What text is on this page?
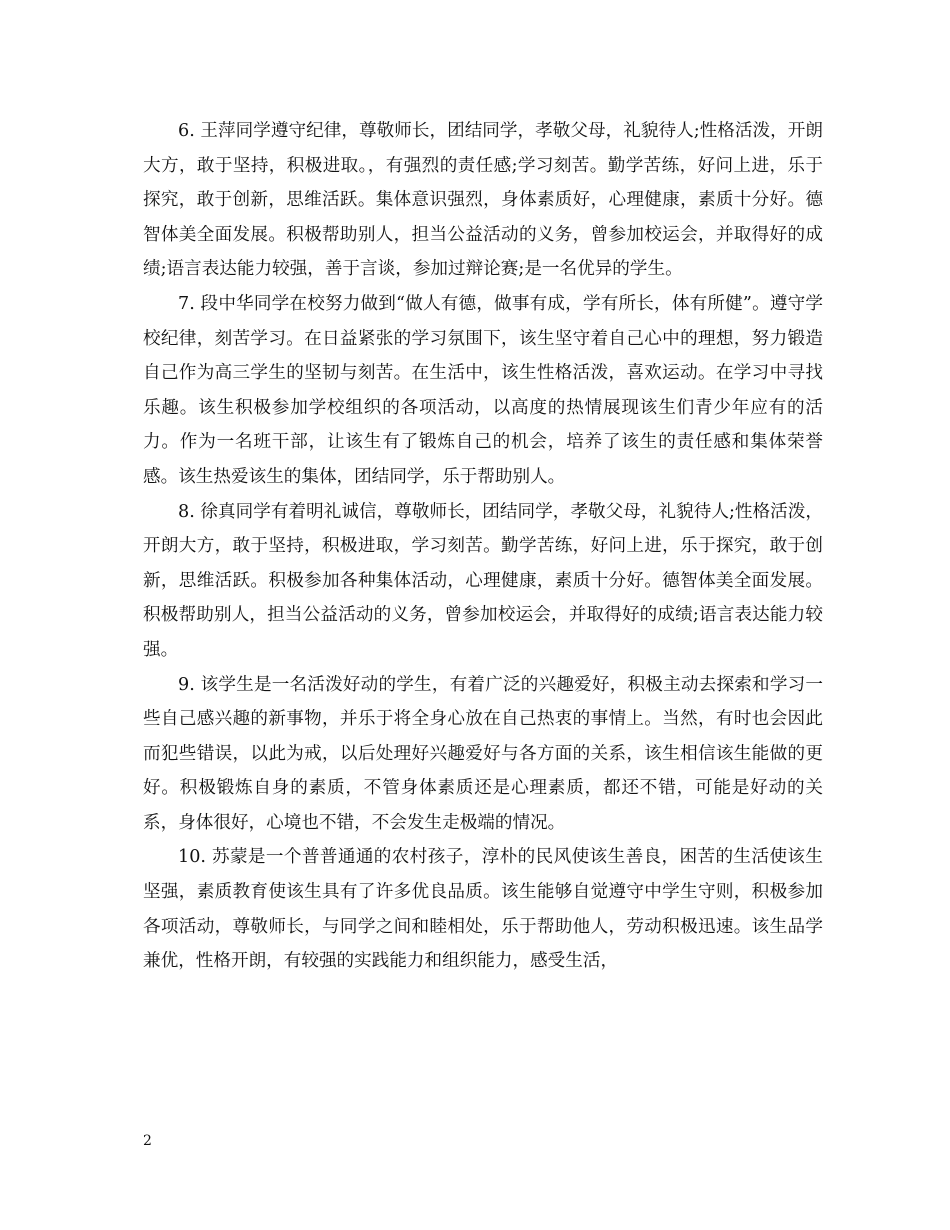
6. 王萍同学遵守纪律，尊敬师长，团结同学，孝敬父母，礼貌待人;性格活泼，开朗大方，敢于坚持，积极进取。，有强烈的责任感;学习刻苦。勤学苦练，好问上进，乐于探究，敢于创新，思维活跃。集体意识强烈，身体素质好，心理健康，素质十分好。德智体美全面发展。积极帮助别人，担当公益活动的义务，曾参加校运会，并取得好的成绩;语言表达能力较强，善于言谈，参加过辩论赛;是一名优异的学生。

7. 段中华同学在校努力做到“做人有德，做事有成，学有所长，体有所健”。遵守学校纪律，刻苦学习。在日益紧张的学习氛围下，该生坚守着自己心中的理想，努力锻造自己作为高三学生的坚韧与刻苦。在生活中，该生性格活泼，喜欢运动。在学习中寻找乐趣。该生积极参加学校组织的各项活动，以高度的热情展现该生们青少年应有的活力。作为一名班干部，让该生有了锻炼自己的机会，培养了该生的责任感和集体荣誉感。该生热爱该生的集体，团结同学，乐于帮助别人。

8. 徐真同学有着明礼诚信，尊敬师长，团结同学，孝敬父母，礼貌待人;性格活泼，开朗大方，敢于坚持，积极进取，学习刻苦。勤学苦练，好问上进，乐于探究，敢于创新，思维活跃。积极参加各种集体活动，心理健康，素质十分好。德智体美全面发展。积极帮助别人，担当公益活动的义务，曾参加校运会，并取得好的成绩;语言表达能力较强。

9. 该学生是一名活泼好动的学生，有着广泛的兴趣爱好，积极主动去探索和学习一些自己感兴趣的新事物，并乐于将全身心放在自己热衷的事情上。当然，有时也会因此而犯些错误，以此为戒，以后处理好兴趣爱好与各方面的关系，该生相信该生能做的更好。积极锻炼自身的素质，不管身体素质还是心理素质，都还不错，可能是好动的关系，身体很好，心境也不错，不会发生走极端的情况。

10. 苏蒙是一个普普通通的农村孩子，淳朴的民风使该生善良，困苦的生活使该生坚强，素质教育使该生具有了许多优良品质。该生能够自觉遵守中学生守则，积极参加各项活动，尊敬师长，与同学之间和睦相处，乐于帮助他人，劳动积极迅速。该生品学兼优，性格开朗，有较强的实践能力和组织能力，感受生活，

2
